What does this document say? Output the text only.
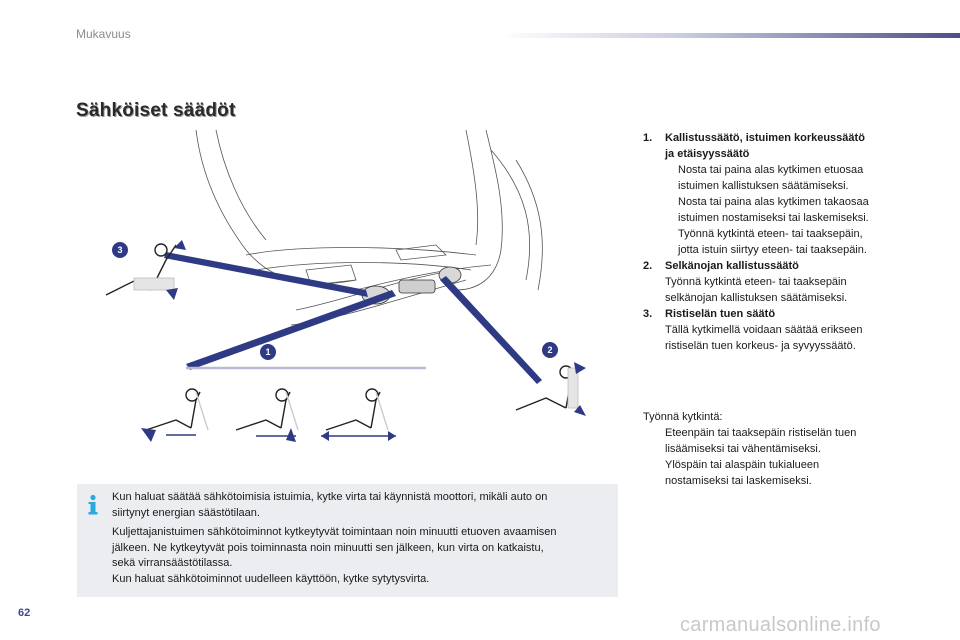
Mukavuus
Sähköiset säädöt
3
1	2
1.	Kallistussäätö, istuimen korkeussäätö
ja etäisyyssäätö
Nosta tai paina alas kytkimen etuosaa
istuimen kallistuksen säätämiseksi.
Nosta tai paina alas kytkimen takaosaa
istuimen nostamiseksi tai laskemiseksi.
Työnnä kytkintä eteen- tai taaksepäin,
jotta istuin siirtyy eteen- tai taaksepäin.
2.	Selkänojan kallistussäätö
Työnnä kytkintä eteen- tai taaksepäin
selkänojan kallistuksen säätämiseksi.
3.	Ristiselän tuen säätö
Tällä kytkimellä voidaan säätää erikseen
ristiselän tuen korkeus- ja syvyyssäätö.
Työnnä kytkintä:
Eteenpäin tai taaksepäin ristiselän tuen
lisäämiseksi tai vähentämiseksi.
Ylöspäin tai alaspäin tukialueen
nostamiseksi tai laskemiseksi.

Kun haluat säätää sähkötoimisia istuimia, kytke virta tai käynnistä moottori, mikäli auto on
siirtynyt energian säästötilaan.

Kuljettajanistuimen sähkötoiminnot kytkeytyvät toimintaan noin minuutti etuoven avaamisen
jälkeen. Ne kytkeytyvät pois toiminnasta noin minuutti sen jälkeen, kun virta on katkaistu,
sekä virransäästötilassa.
Kun haluat sähkötoiminnot uudelleen käyttöön, kytke sytytysvirta.

62
carmanualsonline.info
